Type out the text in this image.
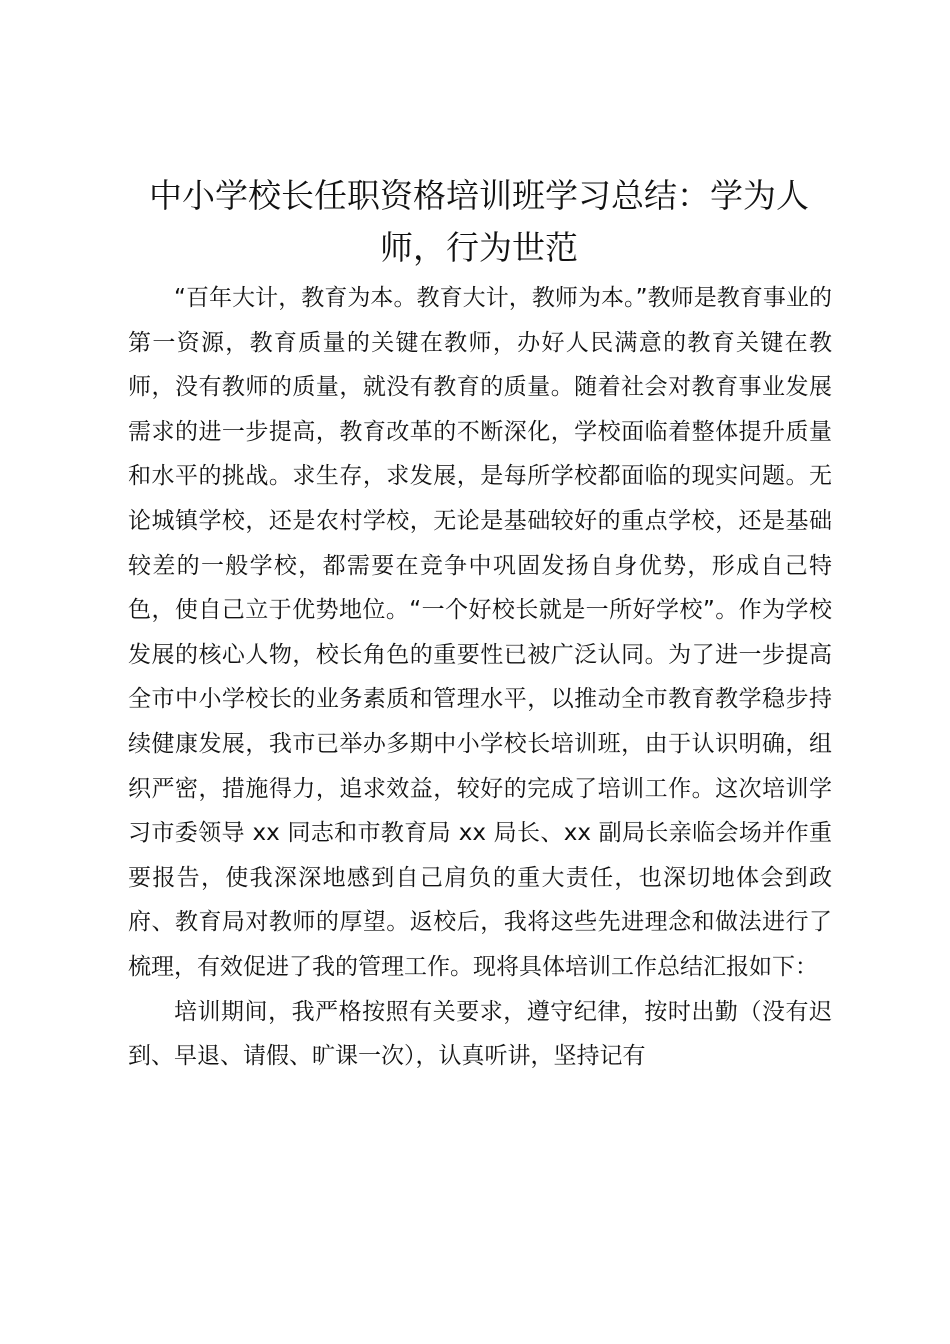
中小学校长任职资格培训班学习总结：学为人师，行为世范

“百年大计，教育为本。教育大计，教师为本。”教师是教育事业的第一资源，教育质量的关键在教师，办好人民满意的教育关键在教师，没有教师的质量，就没有教育的质量。随着社会对教育事业发展需求的进一步提高，教育改革的不断深化，学校面临着整体提升质量和水平的挑战。求生存，求发展，是每所学校都面临的现实问题。无论城镇学校，还是农村学校，无论是基础较好的重点学校，还是基础较差的一般学校，都需要在竞争中巩固发扬自身优势，形成自己特色，使自己立于优势地位。“一个好校长就是一所好学校”。作为学校发展的核心人物，校长角色的重要性已被广泛认同。为了进一步提高全市中小学校长的业务素质和管理水平，以推动全市教育教学稳步持续健康发展，我市已举办多期中小学校长培训班，由于认识明确，组织严密，措施得力，追求效益，较好的完成了培训工作。这次培训学习市委领导 xx 同志和市教育局 xx 局长、xx 副局长亲临会场并作重要报告，使我深深地感到自己肩负的重大责任，也深切地体会到政府、教育局对教师的厚望。返校后，我将这些先进理念和做法进行了梳理，有效促进了我的管理工作。现将具体培训工作总结汇报如下：

培训期间，我严格按照有关要求，遵守纪律，按时出勤（没有迟到、早退、请假、旷课一次），认真听讲，坚持记有
